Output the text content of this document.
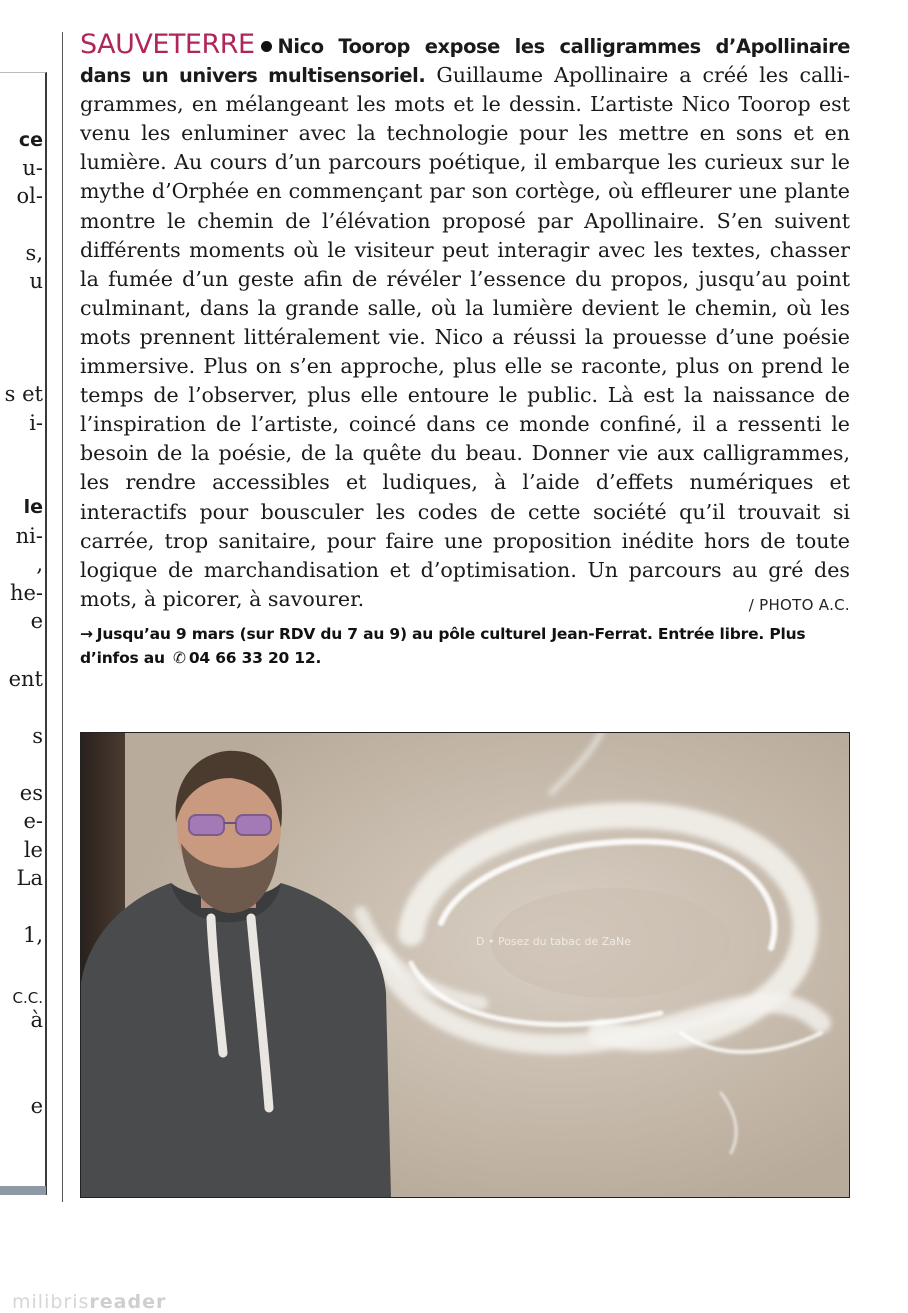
ce
u-
ol-
s,
u
s et
i-
le
ni-
,
he-
e
ent
s
es
e-
le
La
1,
C.C.
à
e

SAUVETERRE Nico Toorop expose les calligrammes d’Apollinaire dans un univers multisensoriel. Guillaume Apollinaire a créé les calligrammes, en mélangeant les mots et le dessin. L’artiste Nico Toorop est venu les enluminer avec la technologie pour les mettre en sons et en lumière. Au cours d’un parcours poétique, il embarque les curieux sur le mythe d’Orphée en commençant par son cortège, où effleurer une plante montre le chemin de l’élévation proposé par Apollinaire. S’en suivent différents moments où le visiteur peut interagir avec les textes, chasser la fumée d’un geste afin de révéler l’essence du propos, jusqu’au point culminant, dans la grande salle, où la lumière devient le chemin, où les mots prennent littéralement vie. Nico a réussi la prouesse d’une poésie immersive. Plus on s’en approche, plus elle se raconte, plus on prend le temps de l’observer, plus elle entoure le public. Là est la naissance de l’inspiration de l’artiste, coincé dans ce monde confiné, il a ressenti le besoin de la poésie, de la quête du beau. Donner vie aux calligrammes, les rendre accessibles et ludiques, à l’aide d’effets numériques et interactifs pour bousculer les codes de cette société qu’il trouvait si carrée, trop sanitaire, pour faire une proposition inédite hors de toute logique de marchandisation et d’optimisation. Un parcours au gré des mots, à picorer, à savourer.	/ PHOTO A.C.

→ Jusqu’au 9 mars (sur RDV du 7 au 9) au pôle culturel Jean-Ferrat. Entrée libre. Plus d’infos au ✆ 04 66 33 20 12.

D • Posez du tabac de ZaNe
milibrisreader
